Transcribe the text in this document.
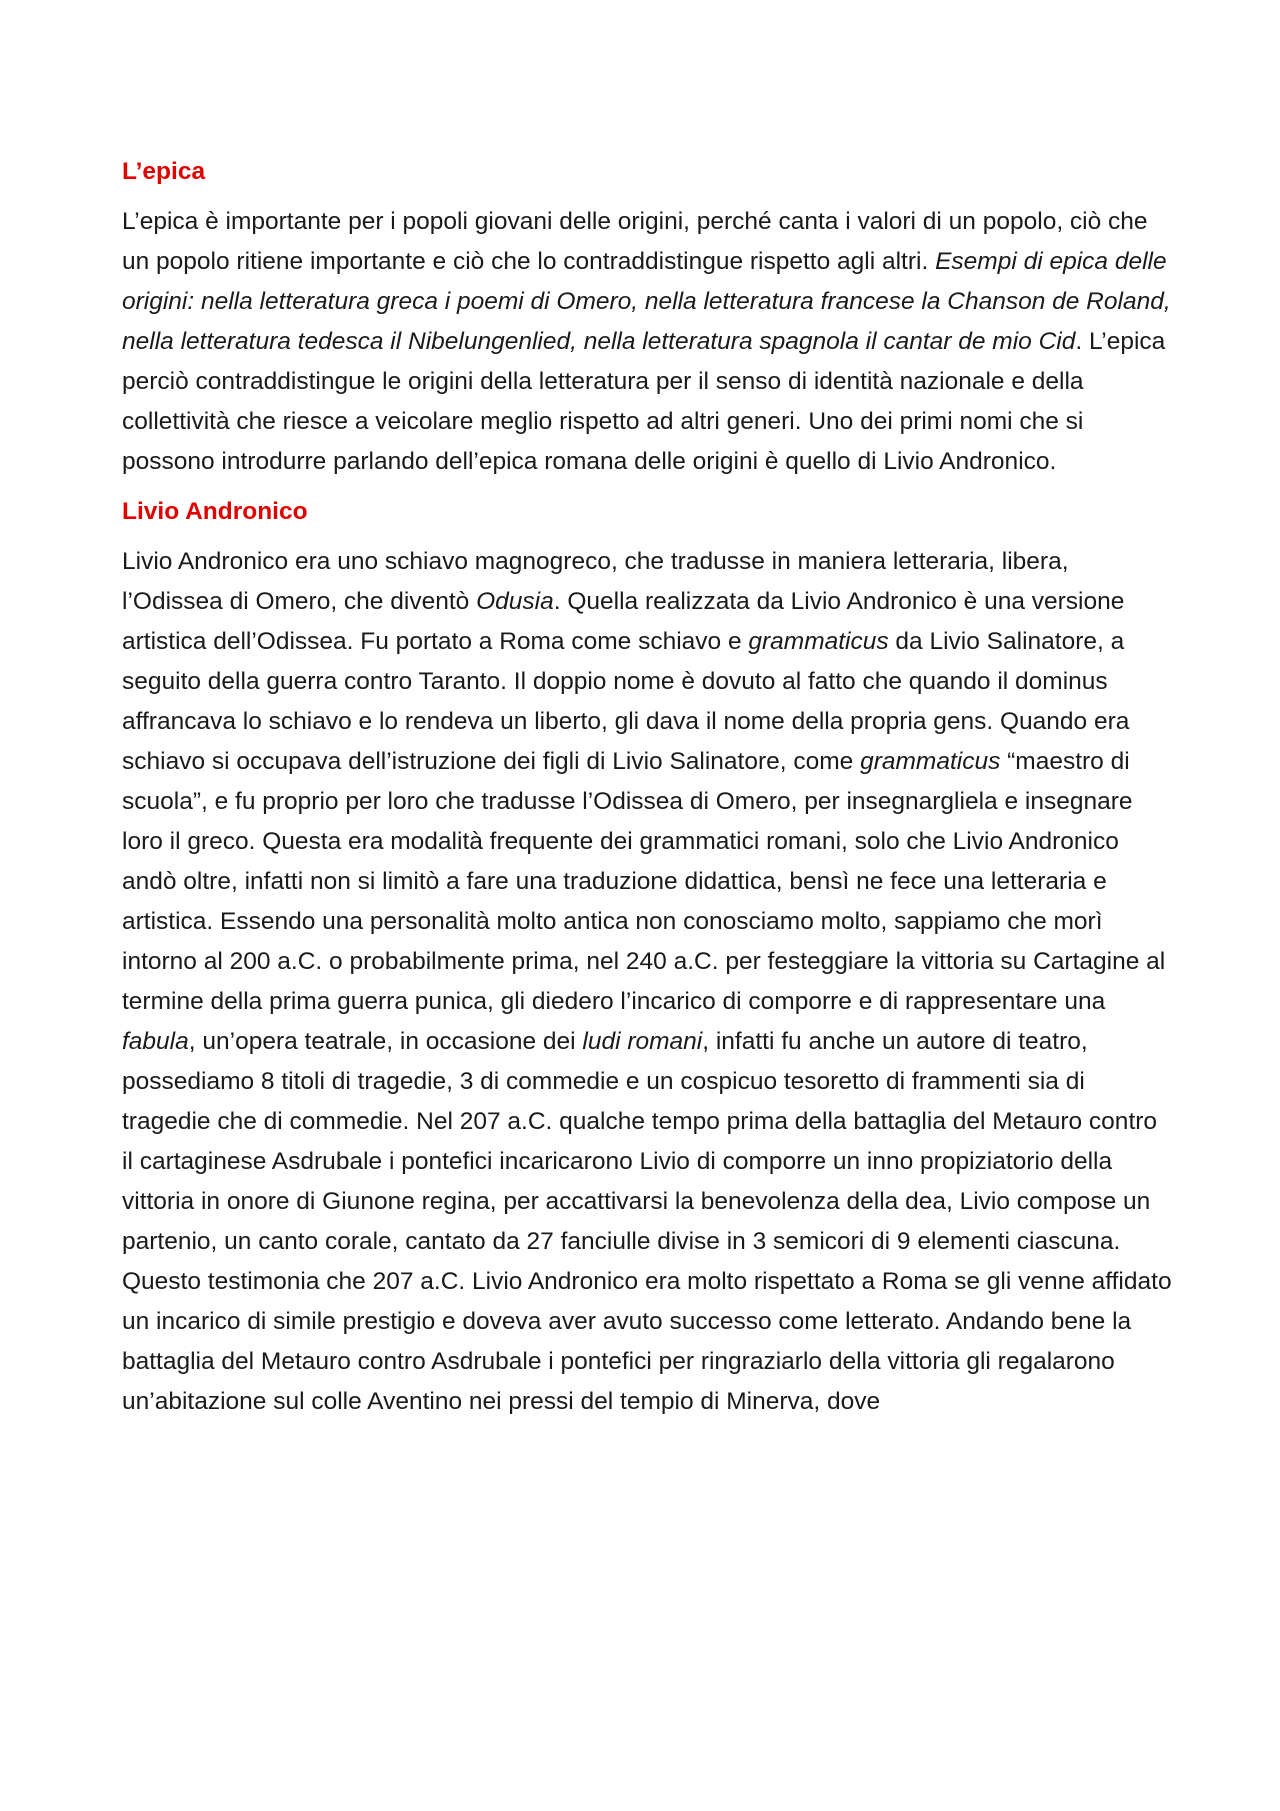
L’epica

L’epica è importante per i popoli giovani delle origini, perché canta i valori di un popolo, ciò che un popolo ritiene importante e ciò che lo contraddistingue rispetto agli altri. Esempi di epica delle origini: nella letteratura greca i poemi di Omero, nella letteratura francese la Chanson de Roland, nella letteratura tedesca il Nibelungenlied, nella letteratura spagnola il cantar de mio Cid. L’epica perciò contraddistingue le origini della letteratura per il senso di identità nazionale e della collettività che riesce a veicolare meglio rispetto ad altri generi. Uno dei primi nomi che si possono introdurre parlando dell’epica romana delle origini è quello di Livio Andronico.

Livio Andronico

Livio Andronico era uno schiavo magnogreco, che tradusse in maniera letteraria, libera, l’Odissea di Omero, che diventò Odusia. Quella realizzata da Livio Andronico è una versione artistica dell’Odissea. Fu portato a Roma come schiavo e grammaticus da Livio Salinatore, a seguito della guerra contro Taranto. Il doppio nome è dovuto al fatto che quando il dominus affrancava lo schiavo e lo rendeva un liberto, gli dava il nome della propria gens. Quando era schiavo si occupava dell’istruzione dei figli di Livio Salinatore, come grammaticus “maestro di scuola”, e fu proprio per loro che tradusse l’Odissea di Omero, per insegnargliela e insegnare loro il greco. Questa era modalità frequente dei grammatici romani, solo che Livio Andronico andò oltre, infatti non si limitò a fare una traduzione didattica, bensì ne fece una letteraria e artistica. Essendo una personalità molto antica non conosciamo molto, sappiamo che morì intorno al 200 a.C. o probabilmente prima, nel 240 a.C. per festeggiare la vittoria su Cartagine al termine della prima guerra punica, gli diedero l’incarico di comporre e di rappresentare una fabula, un’opera teatrale, in occasione dei ludi romani, infatti fu anche un autore di teatro, possediamo 8 titoli di tragedie, 3 di commedie e un cospicuo tesoretto di frammenti sia di tragedie che di commedie. Nel 207 a.C. qualche tempo prima della battaglia del Metauro contro il cartaginese Asdrubale i pontefici incaricarono Livio di comporre un inno propiziatorio della vittoria in onore di Giunone regina, per accattivarsi la benevolenza della dea, Livio compose un partenio, un canto corale, cantato da 27 fanciulle divise in 3 semicori di 9 elementi ciascuna. Questo testimonia che 207 a.C. Livio Andronico era molto rispettato a Roma se gli venne affidato un incarico di simile prestigio e doveva aver avuto successo come letterato. Andando bene la battaglia del Metauro contro Asdrubale i pontefici per ringraziarlo della vittoria gli regalarono un’abitazione sul colle Aventino nei pressi del tempio di Minerva, dove
